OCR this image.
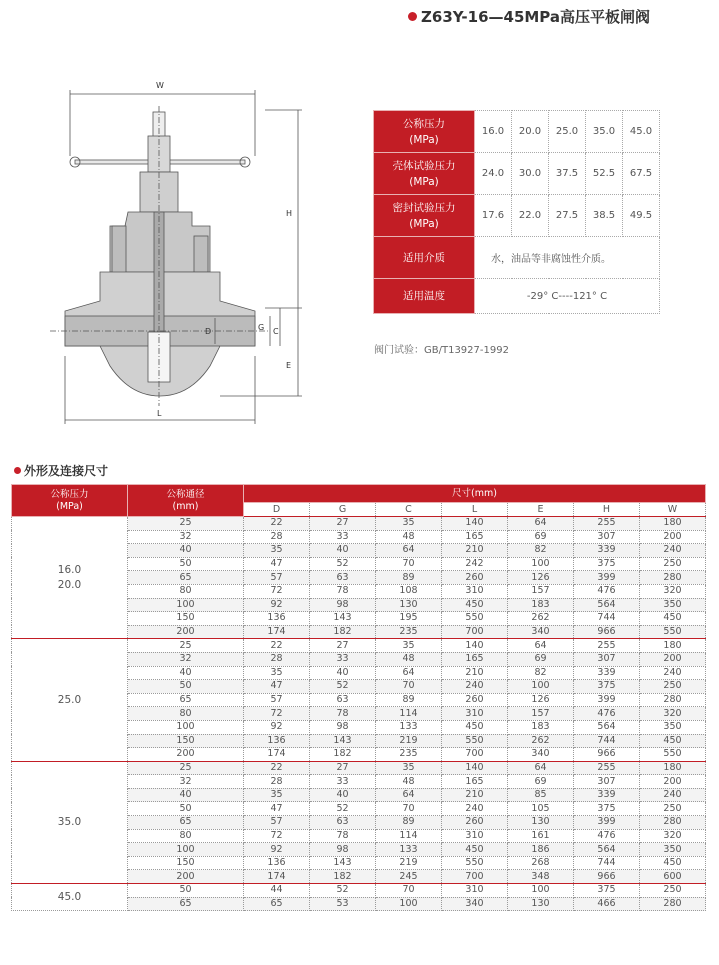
Z63Y-16—45MPa高压平板闸阀
W
H
L
D	G C
E
公称压力
(MPa)	16.0	20.0	25.0	35.0	45.0
壳体试验压力
(MPa)	24.0	30.0	37.5	52.5	67.5
密封试验压力
(MPa)	17.6	22.0	27.5	38.5	49.5
适用介质	水，油品等非腐蚀性介质。				
适用温度	-29° C----121° C				
阀门试验：GB/T13927-1992
外形及连接尺寸
公称压力
(MPa)	公称通径
(mm)	尺寸(mm)						
		D	G	C	L	E	H	W
16.0
20.0	25	22	27	35	140	64	255	180
	32	28	33	48	165	69	307	200
	40	35	40	64	210	82	339	240
	50	47	52	70	242	100	375	250
	65	57	63	89	260	126	399	280
	80	72	78	108	310	157	476	320
	100	92	98	130	450	183	564	350
	150	136	143	195	550	262	744	450
	200	174	182	235	700	340	966	550
25.0	25	22	27	35	140	64	255	180
	32	28	33	48	165	69	307	200
	40	35	40	64	210	82	339	240
	50	47	52	70	240	100	375	250
	65	57	63	89	260	126	399	280
	80	72	78	114	310	157	476	320
	100	92	98	133	450	183	564	350
	150	136	143	219	550	262	744	450
	200	174	182	235	700	340	966	550
35.0	25	22	27	35	140	64	255	180
	32	28	33	48	165	69	307	200
	40	35	40	64	210	85	339	240
	50	47	52	70	240	105	375	250
	65	57	63	89	260	130	399	280
	80	72	78	114	310	161	476	320
	100	92	98	133	450	186	564	350
	150	136	143	219	550	268	744	450
	200	174	182	245	700	348	966	600
45.0	50	44	52	70	310	100	375	250
	65	65	53	100	340	130	466	280
